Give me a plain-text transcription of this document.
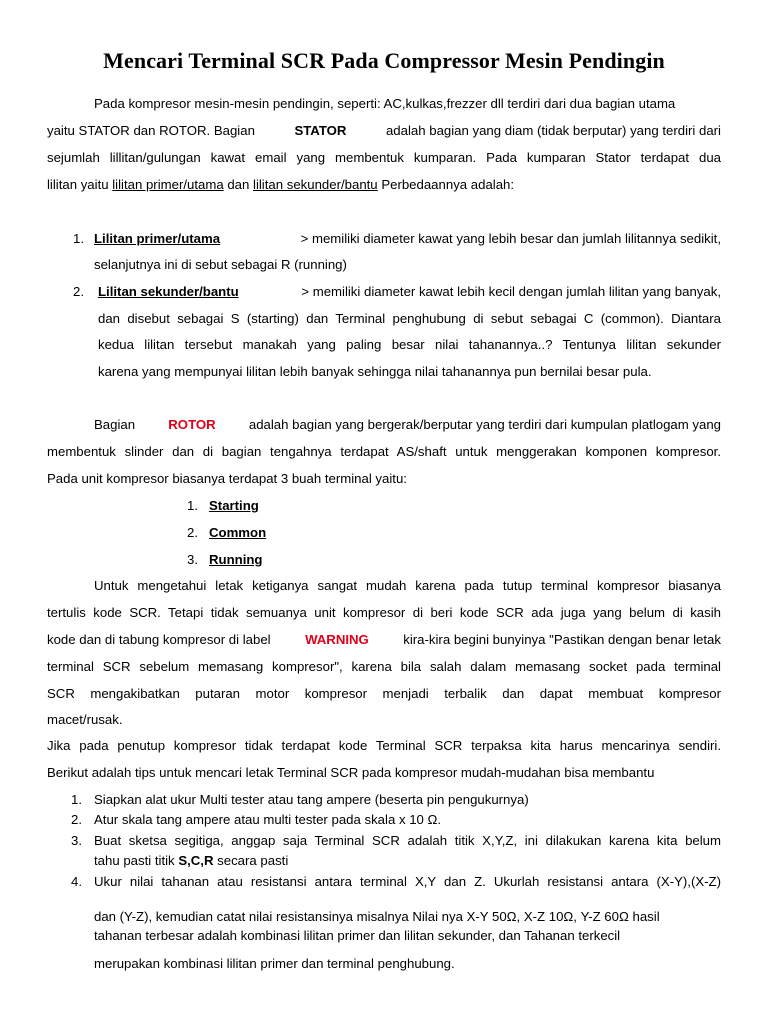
Mencari Terminal SCR Pada Compressor Mesin Pendingin
Pada kompresor mesin-mesin pendingin, seperti: AC,kulkas,frezzer dll terdiri dari dua bagian utama
yaitu STATOR dan ROTOR. Bagian	STATOR	adalah bagian yang diam (tidak berputar) yang terdiri dari
sejumlah lillitan/gulungan kawat email yang membentuk kumparan. Pada kumparan Stator terdapat dua
lilitan yaitu lilitan primer/utama dan lilitan sekunder/bantu Perbedaannya adalah:
1. Lilitan primer/utama	> memiliki diameter kawat yang lebih besar dan jumlah lilitannya sedikit,
selanjutnya ini di sebut sebagai R (running)
2. Lilitan sekunder/bantu	> memiliki diameter kawat lebih kecil dengan jumlah lilitan yang banyak,
dan disebut sebagai S (starting) dan Terminal penghubung di sebut sebagai C (common). Diantara
kedua lilitan tersebut manakah yang paling besar nilai tahanannya..? Tentunya lilitan sekunder
karena yang mempunyai lilitan lebih banyak sehingga nilai tahanannya pun bernilai besar pula.
Bagian	ROTOR	adalah bagian yang bergerak/berputar yang terdiri dari kumpulan platlogam yang
membentuk slinder dan di bagian tengahnya terdapat AS/shaft untuk menggerakan komponen kompresor.
Pada unit kompresor biasanya terdapat 3 buah terminal yaitu:
1. Starting
2. Common
3. Running
Untuk mengetahui letak ketiganya sangat mudah karena pada tutup terminal kompresor biasanya
tertulis kode SCR. Tetapi tidak semuanya unit kompresor di beri kode SCR ada juga yang belum di kasih
kode dan di tabung kompresor di label	WARNING	kira-kira begini bunyinya "Pastikan dengan benar letak
terminal SCR sebelum memasang kompresor", karena bila salah dalam memasang socket pada terminal
SCR mengakibatkan putaran motor kompresor menjadi terbalik dan dapat membuat kompresor
macet/rusak.
Jika pada penutup kompresor tidak terdapat kode Terminal SCR terpaksa kita harus mencarinya sendiri.
Berikut adalah tips untuk mencari letak Terminal SCR pada kompresor mudah-mudahan bisa membantu
1. Siapkan alat ukur Multi tester atau tang ampere (beserta pin pengukurnya)
2. Atur skala tang ampere atau multi tester pada skala x 10 Ω.
3. Buat sketsa segitiga, anggap saja Terminal SCR adalah titik X,Y,Z, ini dilakukan karena kita belum
tahu pasti titik S,C,R secara pasti
4. Ukur nilai tahanan atau resistansi antara terminal X,Y dan Z. Ukurlah resistansi antara (X-Y),(X-Z)
dan (Y-Z), kemudian catat nilai resistansinya misalnya Nilai nya X-Y 50Ω, X-Z 10Ω, Y-Z 60Ω hasil
tahanan terbesar adalah kombinasi lilitan primer dan lilitan sekunder, dan Tahanan terkecil
merupakan kombinasi lilitan primer dan terminal penghubung.
